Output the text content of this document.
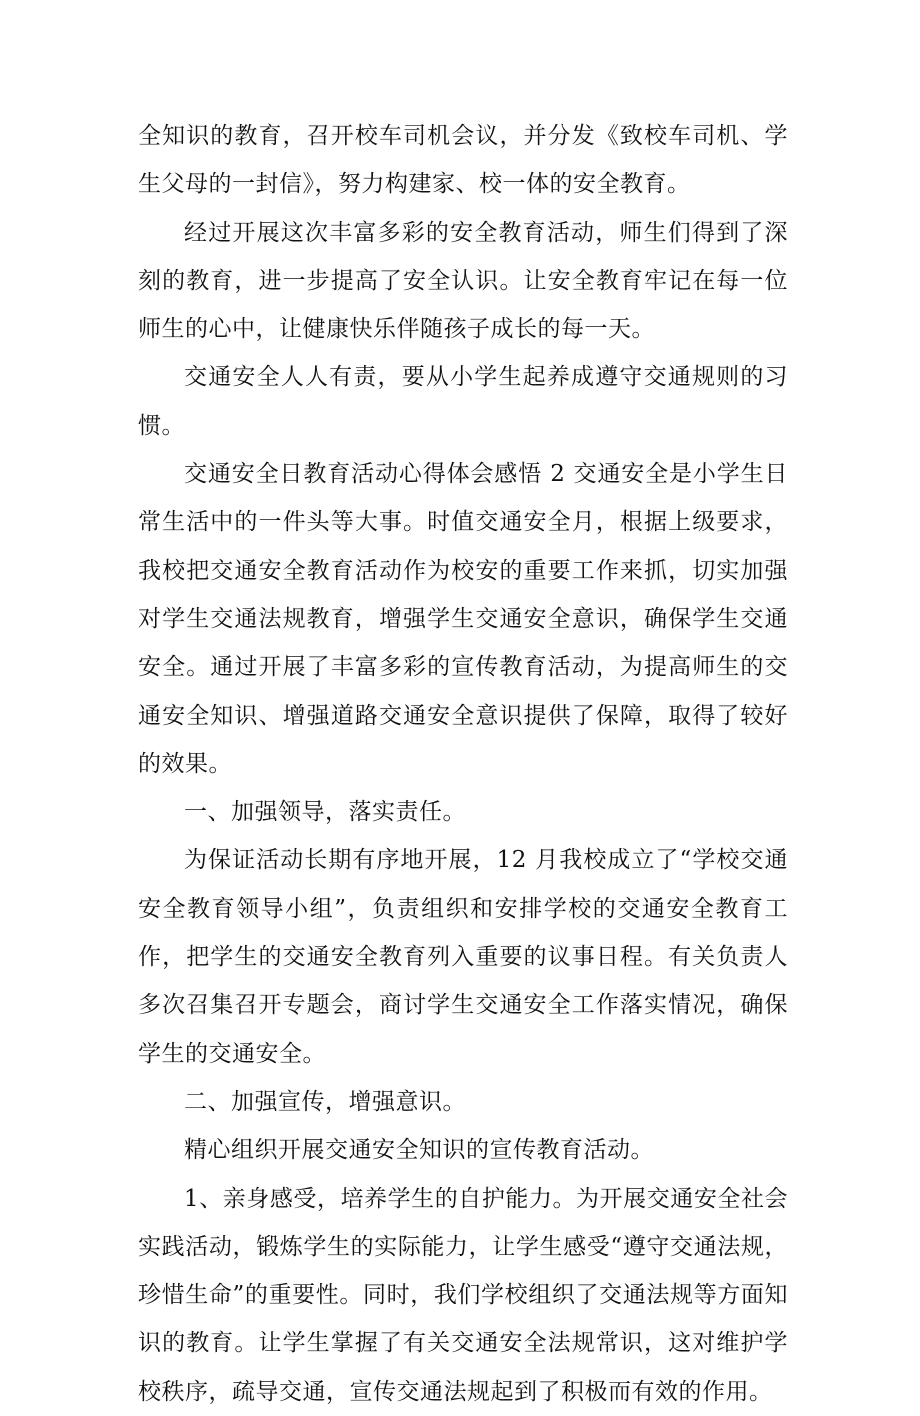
全知识的教育，召开校车司机会议，并分发《致校车司机、学生父母的一封信》，努力构建家、校一体的安全教育。

经过开展这次丰富多彩的安全教育活动，师生们得到了深刻的教育，进一步提高了安全认识。让安全教育牢记在每一位师生的心中，让健康快乐伴随孩子成长的每一天。

交通安全人人有责，要从小学生起养成遵守交通规则的习惯。

交通安全日教育活动心得体会感悟 2 交通安全是小学生日常生活中的一件头等大事。时值交通安全月，根据上级要求，我校把交通安全教育活动作为校安的重要工作来抓，切实加强对学生交通法规教育，增强学生交通安全意识，确保学生交通安全。通过开展了丰富多彩的宣传教育活动，为提高师生的交通安全知识、增强道路交通安全意识提供了保障，取得了较好的效果。

一、加强领导，落实责任。

为保证活动长期有序地开展，12 月我校成立了“学校交通安全教育领导小组”，负责组织和安排学校的交通安全教育工作，把学生的交通安全教育列入重要的议事日程。有关负责人多次召集召开专题会，商讨学生交通安全工作落实情况，确保学生的交通安全。

二、加强宣传，增强意识。

精心组织开展交通安全知识的宣传教育活动。

1、亲身感受，培养学生的自护能力。为开展交通安全社会实践活动，锻炼学生的实际能力，让学生感受“遵守交通法规，珍惜生命”的重要性。同时，我们学校组织了交通法规等方面知识的教育。让学生掌握了有关交通安全法规常识，这对维护学校秩序，疏导交通，宣传交通法规起到了积极而有效的作用。
